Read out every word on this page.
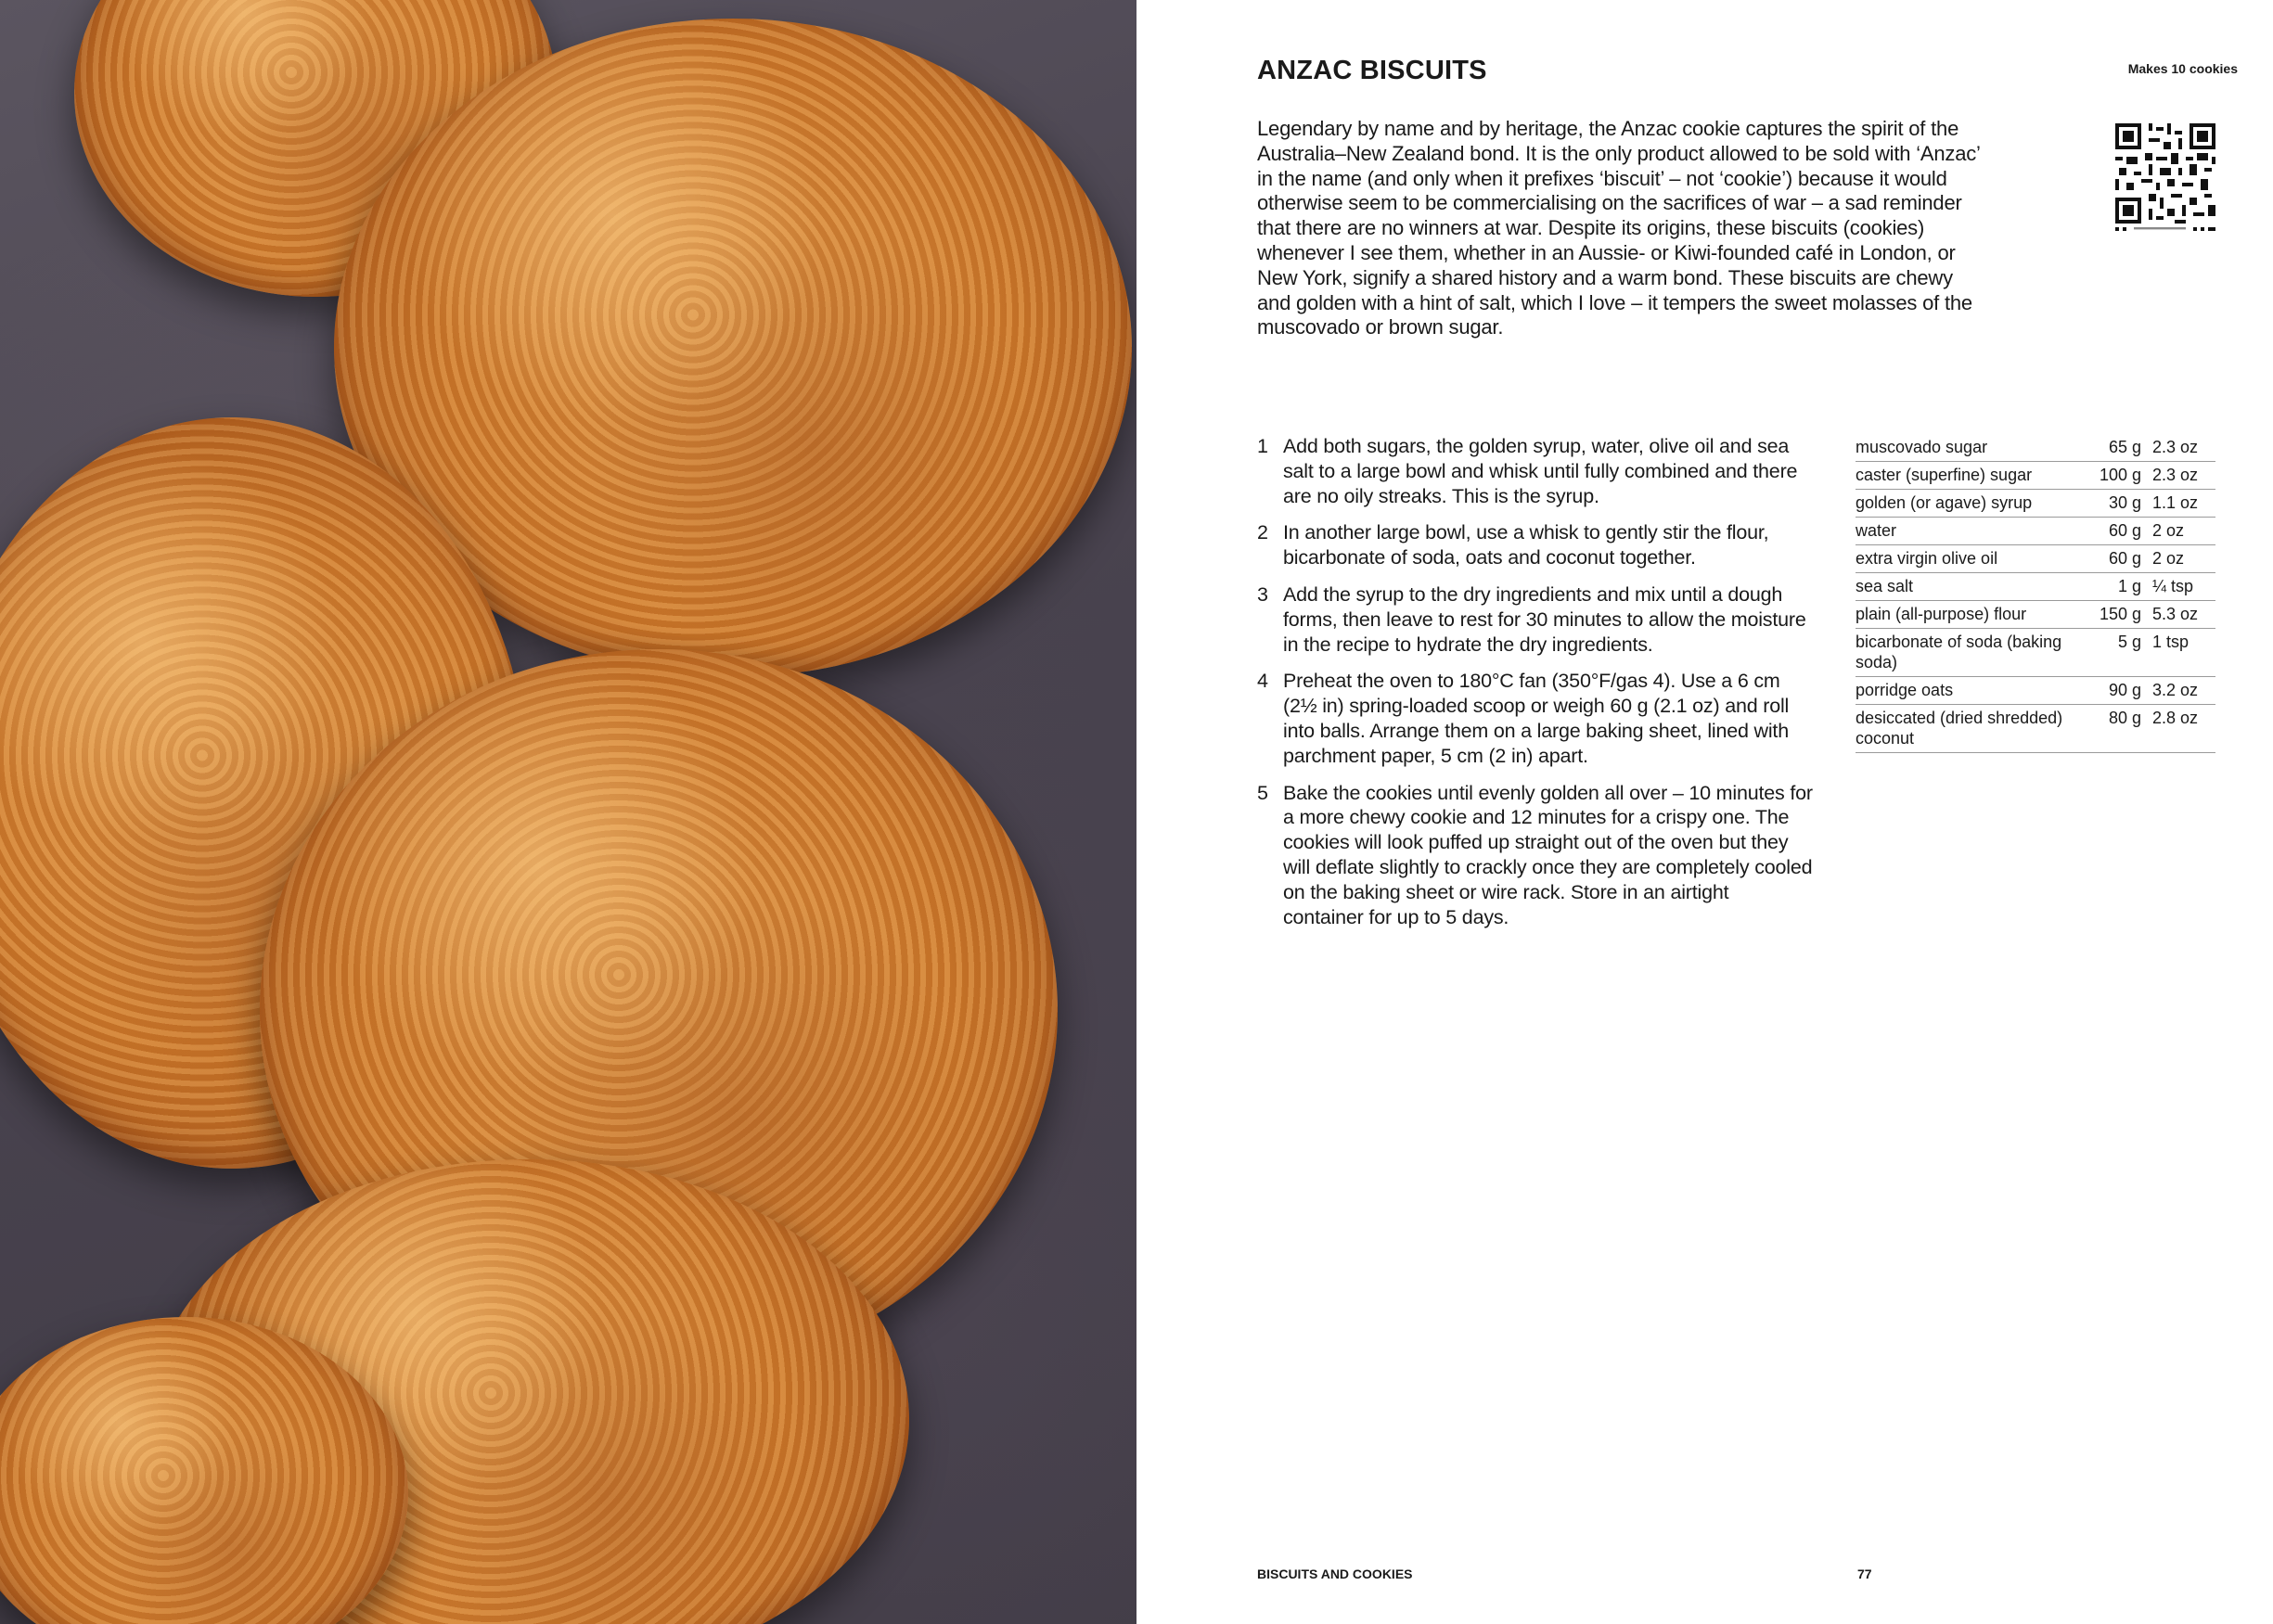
ANZAC BISCUITS	Makes 10 cookies

Legendary by name and by heritage, the Anzac cookie captures the spirit of the Australia–New Zealand bond. It is the only product allowed to be sold with ‘Anzac’ in the name (and only when it prefixes ‘biscuit’ – not ‘cookie’) because it would otherwise seem to be commercialising on the sacrifices of war – a sad reminder that there are no winners at war. Despite its origins, these biscuits (cookies) whenever I see them, whether in an Aussie- or Kiwi-founded café in London, or New York, signify a shared history and a warm bond. These biscuits are chewy and golden with a hint of salt, which I love – it tempers the sweet molasses of the muscovado or brown sugar.

1 Add both sugars, the golden syrup, water, olive oil and sea salt to a large bowl and whisk until fully combined and there are no oily streaks. This is the syrup.
2 In another large bowl, use a whisk to gently stir the flour, bicarbonate of soda, oats and coconut together.
3 Add the syrup to the dry ingredients and mix until a dough forms, then leave to rest for 30 minutes to allow the moisture in the recipe to hydrate the dry ingredients.
4 Preheat the oven to 180°C fan (350°F/gas 4). Use a 6 cm (2½ in) spring-loaded scoop or weigh 60 g (2.1 oz) and roll into balls. Arrange them on a large baking sheet, lined with parchment paper, 5 cm (2 in) apart.
5 Bake the cookies until evenly golden all over – 10 minutes for a more chewy cookie and 12 minutes for a crispy one. The cookies will look puffed up straight out of the oven but they will deflate slightly to crackly once they are completely cooled on the baking sheet or wire rack. Store in an airtight container for up to 5 days.
muscovado sugar	65 g	2.3 oz
caster (superfine) sugar	100 g	2.3 oz
golden (or agave) syrup	30 g	1.1 oz
water	60 g	2 oz
extra virgin olive oil	60 g	2 oz
sea salt	1 g	¼ tsp
plain (all-purpose) flour	150 g	5.3 oz
bicarbonate of soda (baking soda)	5 g	1 tsp
porridge oats	90 g	3.2 oz
desiccated (dried shredded) coconut	80 g	2.8 oz
BISCUITS AND COOKIES	77
